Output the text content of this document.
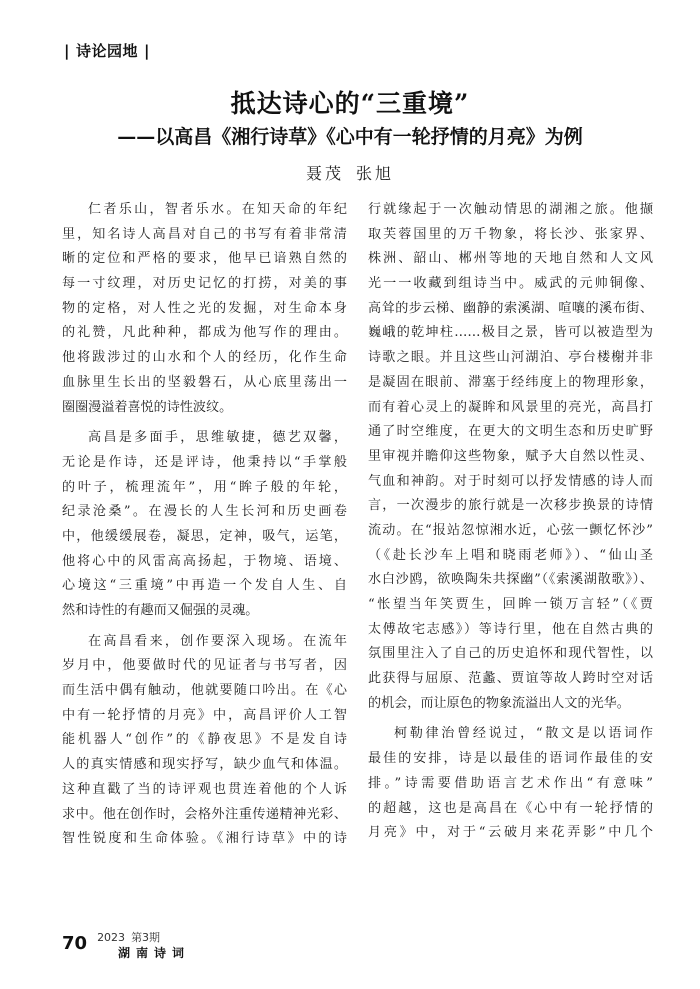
| 诗论园地 |
抵达诗心的“三重境”
——以高昌《湘行诗草》《心中有一轮抒情的月亮》为例
聂茂 张旭
仁者乐山，智者乐水。在知天命的年纪
里，知名诗人高昌对自己的书写有着非常清
晰的定位和严格的要求，他早已谙熟自然的
每一寸纹理，对历史记忆的打捞，对美的事
物的定格，对人性之光的发掘，对生命本身
的礼赞，凡此种种，都成为他写作的理由。
他将跋涉过的山水和个人的经历，化作生命
血脉里生长出的坚毅磐石，从心底里荡出一
圈圈漫溢着喜悦的诗性波纹。
高昌是多面手，思维敏捷，德艺双馨，
无论是作诗，还是评诗，他秉持以“手掌般
的叶子，梳理流年”，用“眸子般的年轮，
纪录沧桑”。在漫长的人生长河和历史画卷
中，他缓缓展卷，凝思，定神，吸气，运笔，
他将心中的风雷高高扬起，于物境、语境、
心境这“三重境”中再造一个发自人生、自
然和诗性的有趣而又倔强的灵魂。
在高昌看来，创作要深入现场。在流年
岁月中，他要做时代的见证者与书写者，因
而生活中偶有触动，他就要随口吟出。在《心
中有一轮抒情的月亮》中，高昌评价人工智
能机器人“创作”的《静夜思》不是发自诗
人的真实情感和现实抒写，缺少血气和体温。
这种直戳了当的诗评观也贯连着他的个人诉
求中。他在创作时，会格外注重传递精神光彩、
智性锐度和生命体验。《湘行诗草》中的诗
行就缘起于一次触动情思的湖湘之旅。他撷
取芙蓉国里的万千物象，将长沙、张家界、
株洲、韶山、郴州等地的天地自然和人文风
光一一收藏到组诗当中。威武的元帅铜像、
高耸的步云梯、幽静的索溪湖、喧嚷的溪布街、
巍峨的乾坤柱……极目之景，皆可以被造型为
诗歌之眼。并且这些山河湖泊、亭台楼榭并非
是凝固在眼前、滞塞于经纬度上的物理形象，
而有着心灵上的凝眸和风景里的亮光，高昌打
通了时空维度，在更大的文明生态和历史旷野
里审视并瞻仰这些物象，赋予大自然以性灵、
气血和神韵。对于时刻可以抒发情感的诗人而
言，一次漫步的旅行就是一次移步换景的诗情
流动。在“报站忽惊湘水近，心弦一颤忆怀沙”
（《赴长沙车上唱和晓雨老师》）、“仙山圣
水白沙鸥，欲唤陶朱共探幽”（《索溪湖散歌》）、
“怅望当年笑贾生，回眸一锁万言轻”（《贾
太傅故宅志感》）等诗行里，他在自然古典的
氛围里注入了自己的历史追怀和现代智性，以
此获得与屈原、范蠡、贾谊等故人跨时空对话
的机会，而让原色的物象流溢出人文的光华。
柯勒律治曾经说过，“散文是以语词作
最佳的安排，诗是以最佳的语词作最佳的安
排。”诗需要借助语言艺术作出“有意味”
的超越，这也是高昌在《心中有一轮抒情的
月亮》中，对于“云破月来花弄影”中几个
70 2023 第3期
湖南诗词
